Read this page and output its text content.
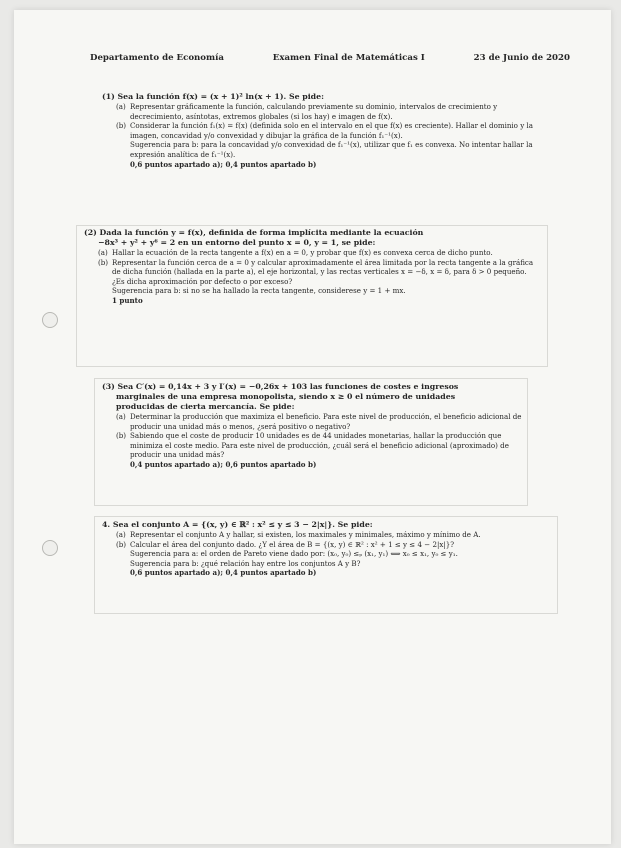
Departamento de Economía	Examen Final de Matemáticas I	23 de Junio de 2020
(1) Sea la función f(x) = (x + 1)² ln(x + 1). Se pide:
(a) Representar gráficamente la función, calculando previamente su dominio, intervalos de crecimiento y decrecimiento, asíntotas, extremos globales (si los hay) e imagen de f(x).
(b) Considerar la función f₁(x) = f(x) (definida solo en el intervalo en el que f(x) es creciente). Hallar el dominio y la imagen, concavidad y/o convexidad y dibujar la gráfica de la función f₁⁻¹(x).
Sugerencia para b: para la concavidad y/o convexidad de f₁⁻¹(x), utilizar que f₁ es convexa. No intentar hallar la expresión analítica de f₁⁻¹(x).
0,6 puntos apartado a); 0,4 puntos apartado b)
(2) Dada la función y = f(x), definida de forma implícita mediante la ecuación
−8x³ + y² + y⁶ = 2 en un entorno del punto x = 0, y = 1, se pide:
(a) Hallar la ecuación de la recta tangente a f(x) en a = 0, y probar que f(x) es convexa cerca de dicho punto.
(b) Representar la función cerca de a = 0 y calcular aproximadamente el área limitada por la recta tangente a la gráfica de dicha función (hallada en la parte a), el eje horizontal, y las rectas verticales x = −δ, x = δ, para δ > 0 pequeño.
¿Es dicha aproximación por defecto o por exceso?
Sugerencia para b: si no se ha hallado la recta tangente, considerese y = 1 + mx.
1 punto
(3) Sea C′(x) = 0,14x + 3 y I′(x) = −0,26x + 103 las funciones de costes e ingresos
marginales de una empresa monopolista, siendo x ≥ 0 el número de unidades
producidas de cierta mercancía. Se pide:
(a) Determinar la producción que maximiza el beneficio. Para este nivel de producción, el beneficio adicional de producir una unidad más o menos, ¿será positivo o negativo?
(b) Sabiendo que el coste de producir 10 unidades es de 44 unidades monetarias, hallar la producción que minimiza el coste medio. Para este nivel de producción, ¿cuál será el beneficio adicional (aproximado) de producir una unidad más?
0,4 puntos apartado a); 0,6 puntos apartado b)
4. Sea el conjunto A = {(x, y) ∈ ℝ² : x² ≤ y ≤ 3 − 2|x|}. Se pide:
(a) Representar el conjunto A y hallar, si existen, los maximales y minimales, máximo y mínimo de A.
(b) Calcular el área del conjunto dado. ¿Y el área de B = {(x, y) ∈ ℝ² : x² + 1 ≤ y ≤ 4 − 2|x|}?
Sugerencia para a: el orden de Pareto viene dado por: (x₀, y₀) ≤ₚ (x₁, y₁) ⟺ x₀ ≤ x₁, y₀ ≤ y₁.
Sugerencia para b: ¿qué relación hay entre los conjuntos A y B?
0,6 puntos apartado a); 0,4 puntos apartado b)
